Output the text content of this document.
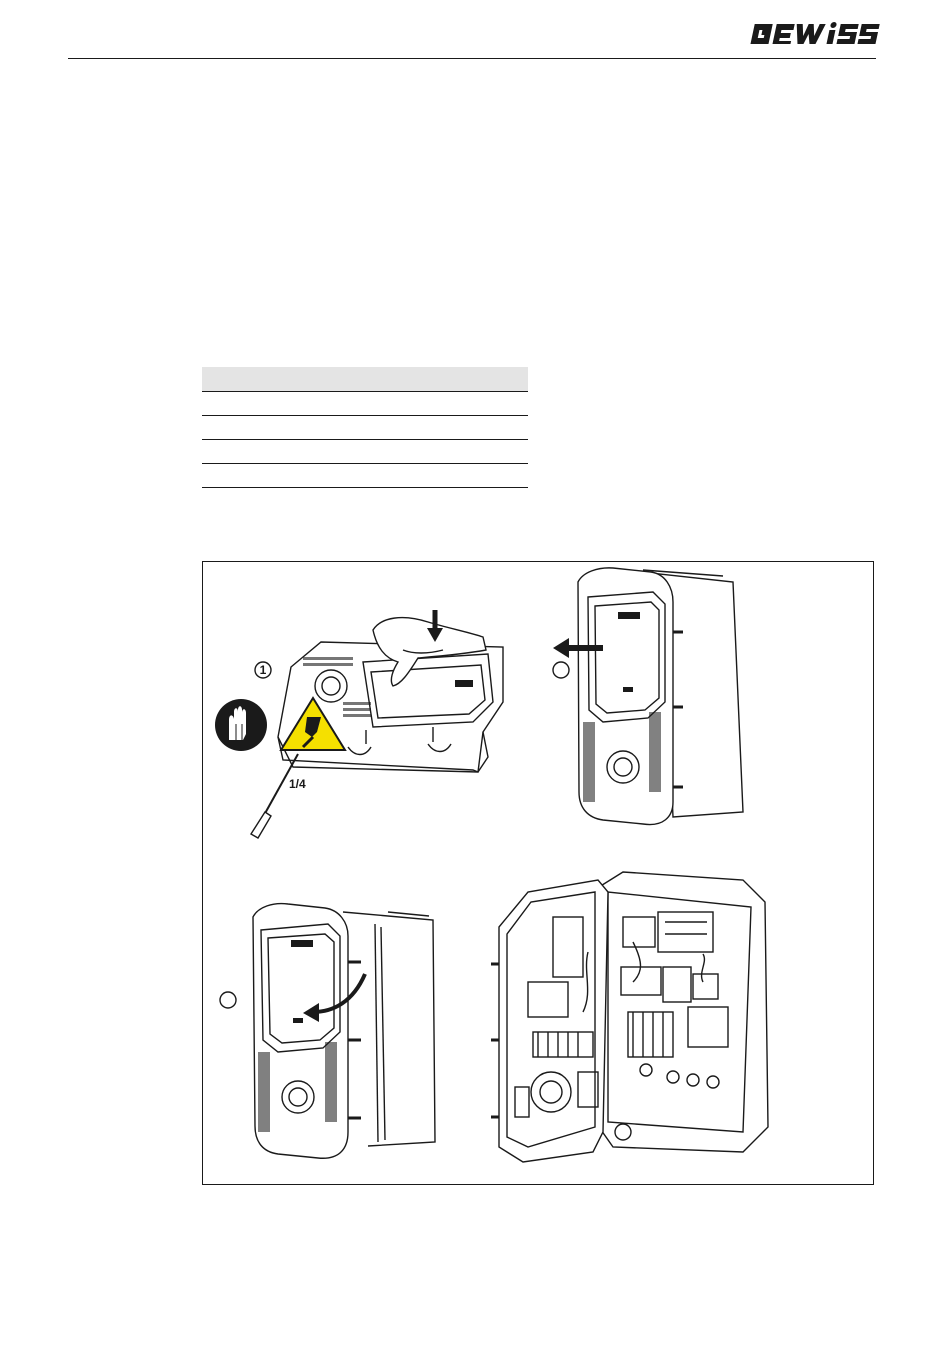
1
1/4
